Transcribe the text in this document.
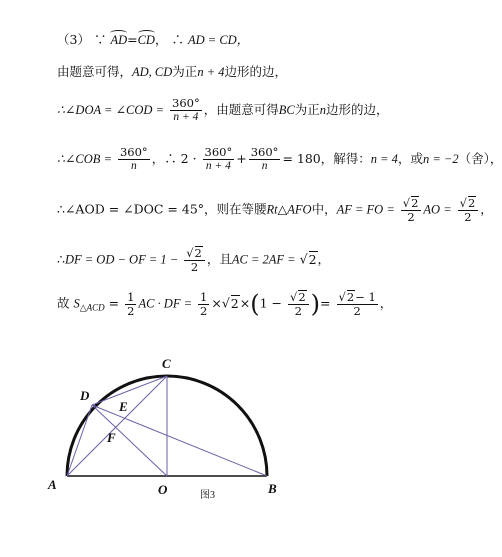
（3） ∵ AD=CD， ∴ AD = CD，
由题意可得，AD, CD为正n + 4边形的边，
∴∠DOA = ∠COD = $\frac{360^\circ}{n + 4}$ ，由题意可得BC为正n边形的边，
∴∠COB = $\frac{360^\circ}{n}$ ，∴ $2 \cdot \frac{360^\circ}{n + 4} + \frac{360^\circ}{n} = 180$，解得：n = 4，或n = −2（舍），
∴∠AOD = ∠DOC = 45°，则在等腰Rt△AFO中，AF = FO = $\frac{√2}{2}$ AO = $\frac{√2}{2}$ ，
∴DF = OD − OF = $1 - \frac{√2}{2}$ ，且AC = 2AF = √2，
故 $S_{\triangle ACD} = \frac{1}{2}$ AC · DF = $\frac{1}{2} \times√2\times(1 - \frac{√2}{2}$ )= $\frac{√2- 1}{2}$ ，
A	B
C
D
E
F
O	图3
